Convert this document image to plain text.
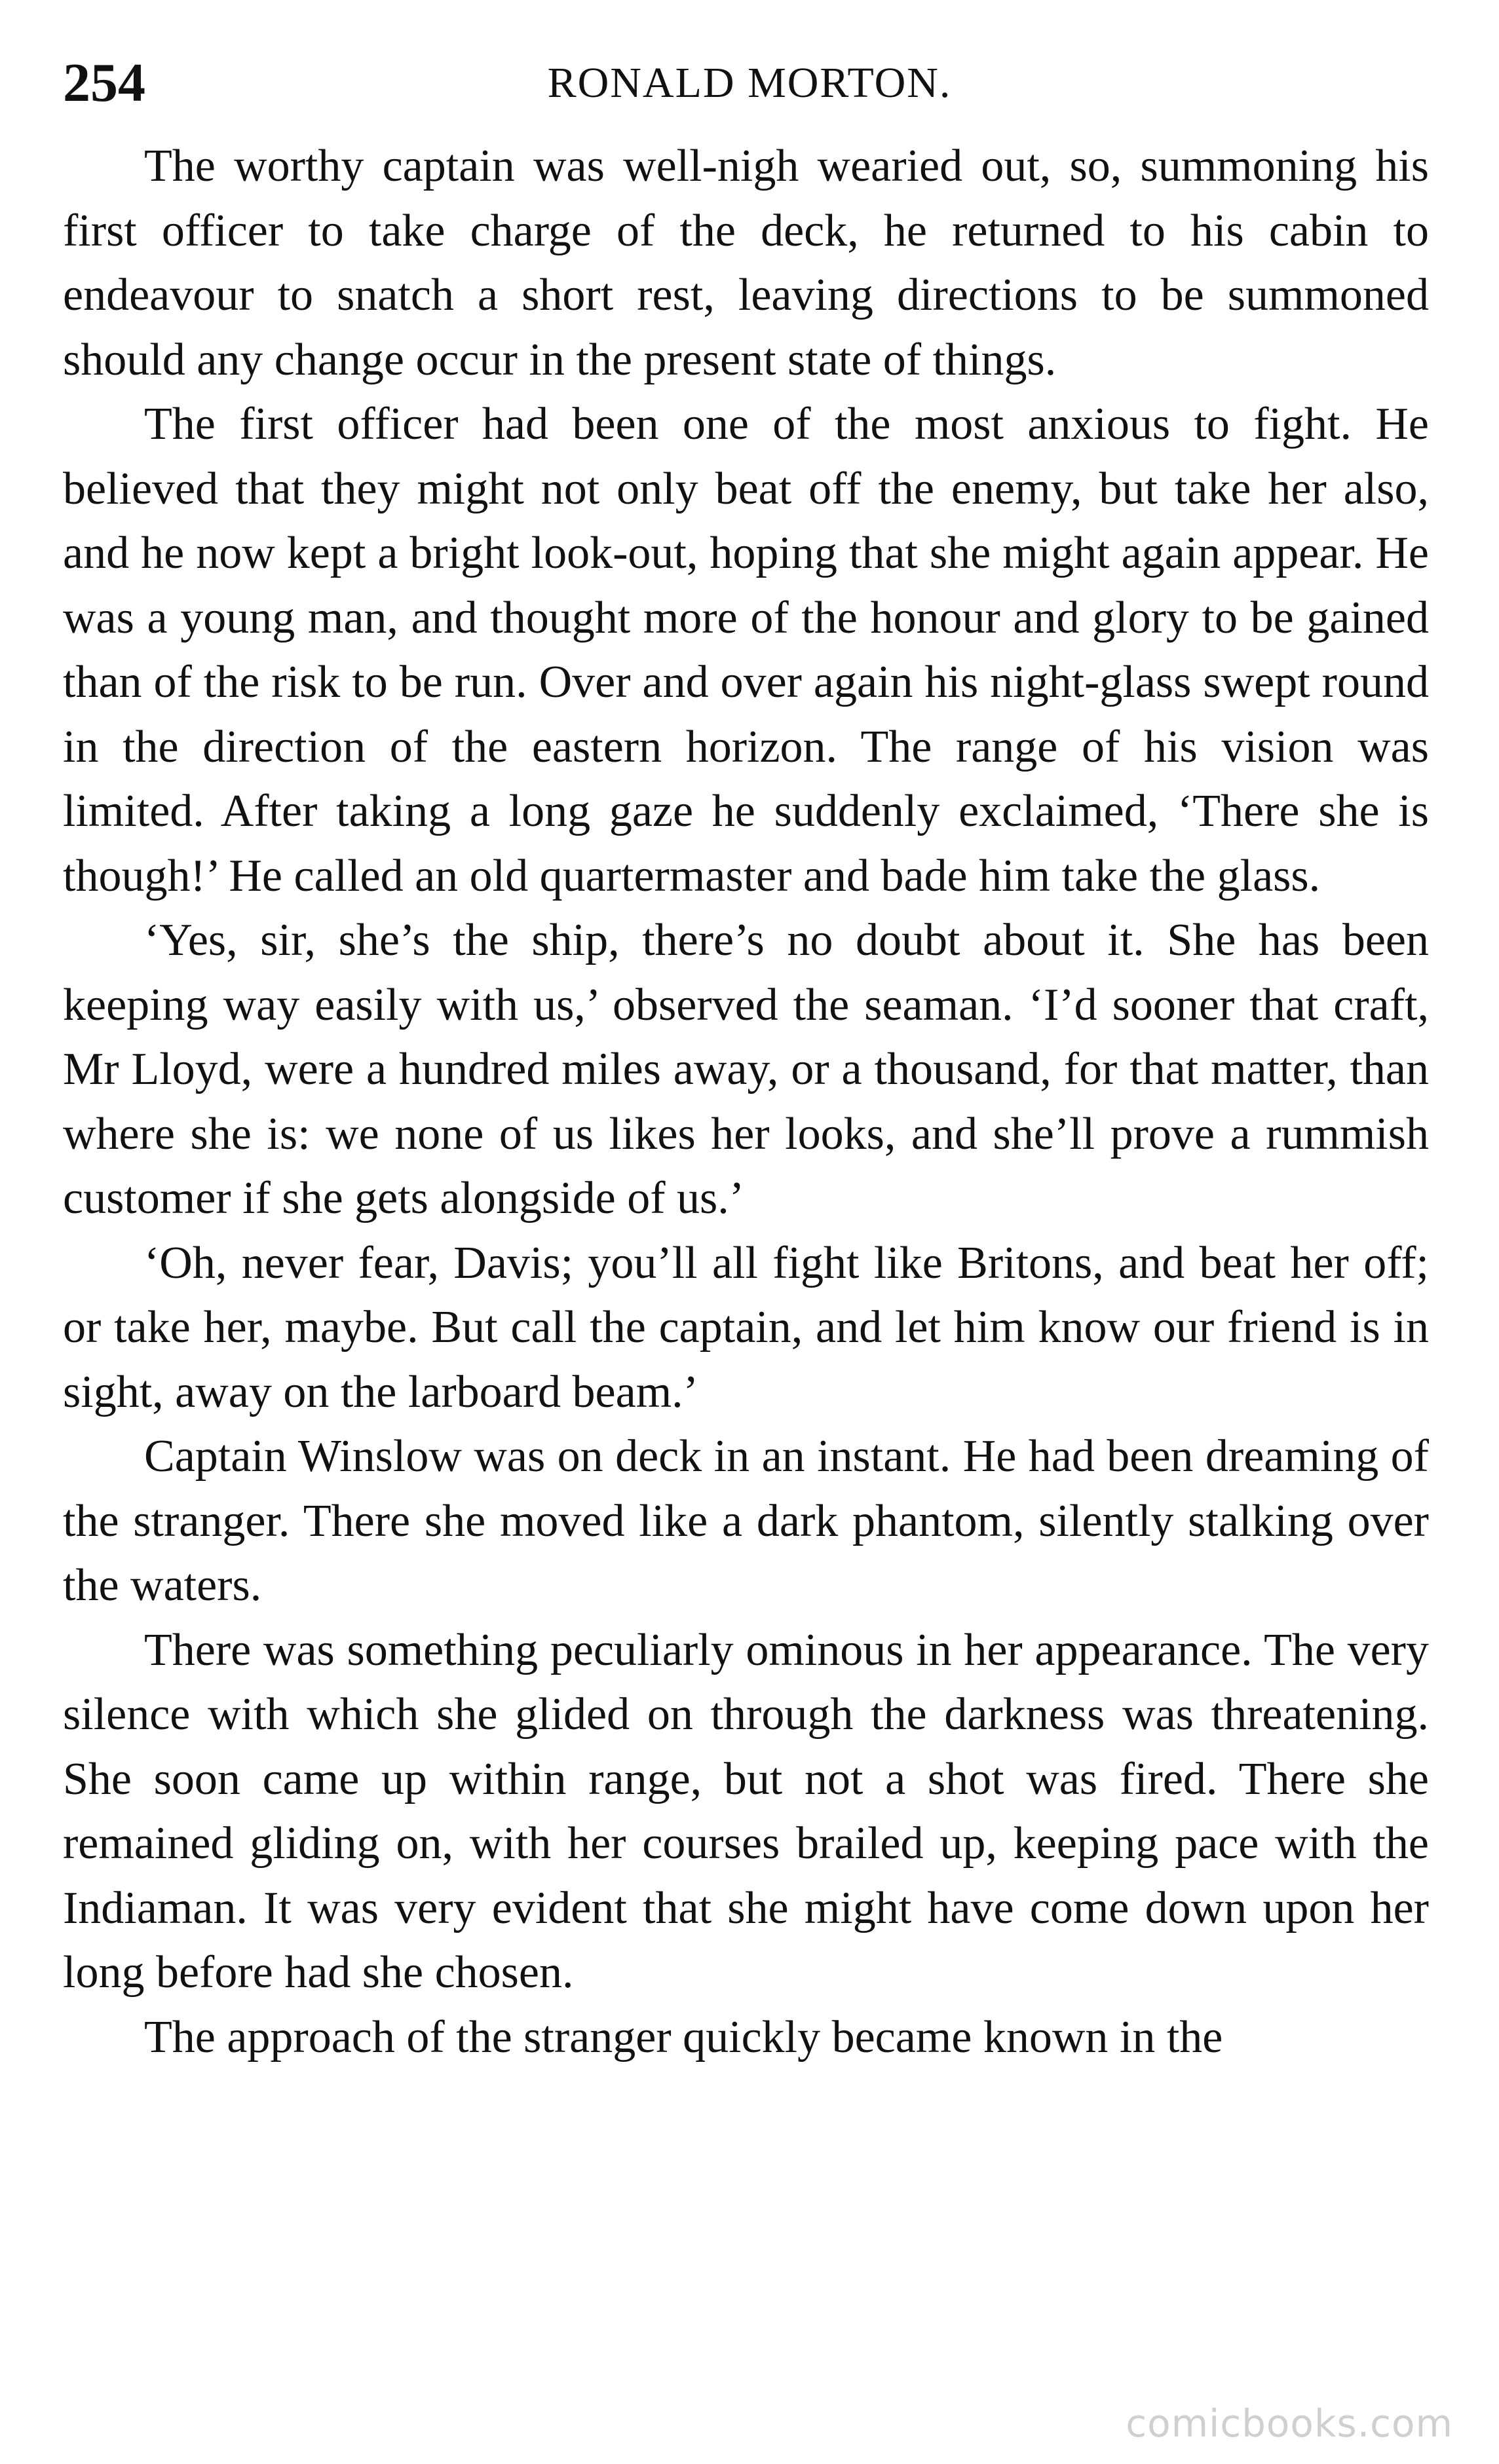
254	RONALD MORTON.

The worthy captain was well-nigh wearied out, so, summoning his first officer to take charge of the deck, he returned to his cabin to endeavour to snatch a short rest, leaving directions to be summoned should any change occur in the present state of things.

The first officer had been one of the most anxious to fight. He believed that they might not only beat off the enemy, but take her also, and he now kept a bright look-out, hoping that she might again appear. He was a young man, and thought more of the honour and glory to be gained than of the risk to be run. Over and over again his night-glass swept round in the direction of the eastern horizon. The range of his vision was limited. After taking a long gaze he suddenly exclaimed, ‘There she is though!’ He called an old quartermaster and bade him take the glass.

‘Yes, sir, she’s the ship, there’s no doubt about it. She has been keeping way easily with us,’ observed the seaman. ‘I’d sooner that craft, Mr Lloyd, were a hundred miles away, or a thousand, for that matter, than where she is: we none of us likes her looks, and she’ll prove a rummish customer if she gets alongside of us.’

‘Oh, never fear, Davis; you’ll all fight like Britons, and beat her off; or take her, maybe. But call the captain, and let him know our friend is in sight, away on the larboard beam.’

Captain Winslow was on deck in an instant. He had been dreaming of the stranger. There she moved like a dark phantom, silently stalking over the waters.

There was something peculiarly ominous in her appearance. The very silence with which she glided on through the darkness was threatening. She soon came up within range, but not a shot was fired. There she remained gliding on, with her courses brailed up, keeping pace with the Indiaman. It was very evident that she might have come down upon her long before had she chosen.

The approach of the stranger quickly became known in the

comicbooks.com
